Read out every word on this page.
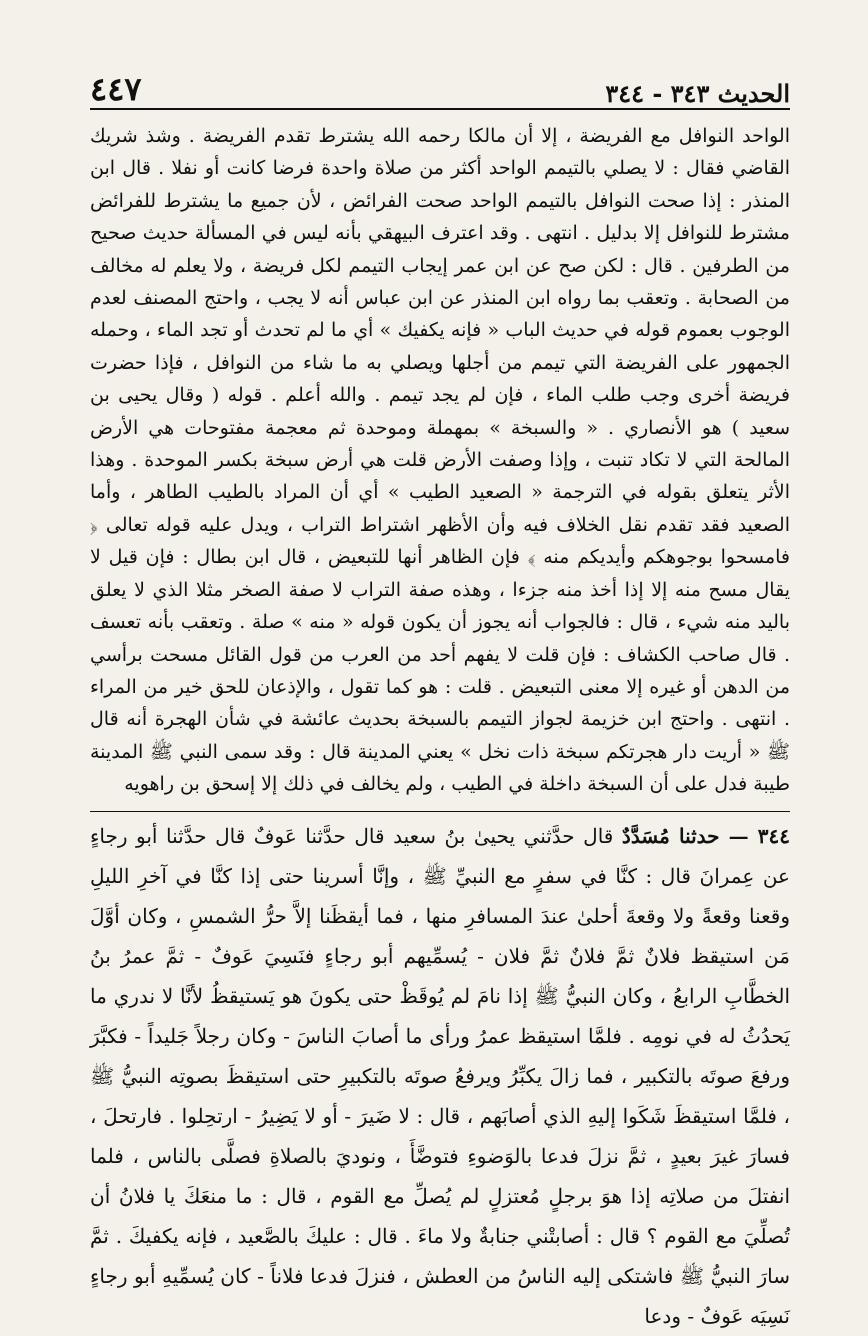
الحديث ٣٤٣ - ٣٤٤
٤٤٧

الواحد النوافل مع الفريضة ، إلا أن مالكا رحمه الله يشترط تقدم الفريضة . وشذ شريك القاضي فقال : لا يصلي بالتيمم الواحد أكثر من صلاة واحدة فرضا كانت أو نفلا . قال ابن المنذر : إذا صحت النوافل بالتيمم الواحد صحت الفرائض ، لأن جميع ما يشترط للفرائض مشترط للنوافل إلا بدليل . انتهى . وقد اعترف البيهقي بأنه ليس في المسألة حديث صحيح من الطرفين . قال : لكن صح عن ابن عمر إيجاب التيمم لكل فريضة ، ولا يعلم له مخالف من الصحابة . وتعقب بما رواه ابن المنذر عن ابن عباس أنه لا يجب ، واحتج المصنف لعدم الوجوب بعموم قوله في حديث الباب « فإنه يكفيك » أي ما لم تحدث أو تجد الماء ، وحمله الجمهور على الفريضة التي تيمم من أجلها ويصلي به ما شاء من النوافل ، فإذا حضرت فريضة أخرى وجب طلب الماء ، فإن لم يجد تيمم . والله أعلم . قوله ( وقال يحيى بن سعيد ) هو الأنصاري . « والسبخة » بمهملة وموحدة ثم معجمة مفتوحات هي الأرض المالحة التي لا تكاد تنبت ، وإذا وصفت الأرض قلت هي أرض سبخة بكسر الموحدة . وهذا الأثر يتعلق بقوله في الترجمة « الصعيد الطيب » أي أن المراد بالطيب الطاهر ، وأما الصعيد فقد تقدم نقل الخلاف فيه وأن الأظهر اشتراط التراب ، ويدل عليه قوله تعالى ﴿ فامسحوا بوجوهكم وأيديكم منه ﴾ فإن الظاهر أنها للتبعيض ، قال ابن بطال : فإن قيل لا يقال مسح منه إلا إذا أخذ منه جزءا ، وهذه صفة التراب لا صفة الصخر مثلا الذي لا يعلق باليد منه شيء ، قال : فالجواب أنه يجوز أن يكون قوله « منه » صلة . وتعقب بأنه تعسف . قال صاحب الكشاف : فإن قلت لا يفهم أحد من العرب من قول القائل مسحت برأسي من الدهن أو غيره إلا معنى التبعيض . قلت : هو كما تقول ، والإذعان للحق خير من المراء . انتهى . واحتج ابن خزيمة لجواز التيمم بالسبخة بحديث عائشة في شأن الهجرة أنه قال ﷺ « أريت دار هجرتكم سبخة ذات نخل » يعني المدينة قال : وقد سمى النبي ﷺ المدينة طيبة فدل على أن السبخة داخلة في الطيب ، ولم يخالف في ذلك إلا إسحق بن راهويه

٣٤٤ — حدثنا مُسَدَّدٌ قال حدَّثني يحيىٰ بنُ سعيد قال حدَّثنا عَوفٌ قال حدَّثنا أبو رجاءٍ عن عِمرانَ قال : كنَّا في سفرٍ مع النبيِّ ﷺ ، وإنَّا أسرينا حتى إذا كنَّا في آخرِ الليلِ وقعنا وقعةً ولا وقعةَ أحلىٰ عندَ المسافرِ منها ، فما أيقظَنا إلاَّ حرُّ الشمسِ ، وكان أوَّلَ مَن استيقظ فلانٌ ثمَّ فلانٌ ثمَّ فلان - يُسمِّيهم أبو رجاءٍ فنَسِيَ عَوفٌ - ثمَّ عمرُ بنُ الخطَّابِ الرابعُ ، وكان النبيُّ ﷺ إذا نامَ لم يُوقَظْ حتى يكونَ هو يَستيقظُ لأنَّا لا ندري ما يَحدُثُ له في نومِه . فلمَّا استيقظ عمرُ ورأى ما أصابَ الناسَ - وكان رجلاً جَليداً - فكبَّرَ ورفعَ صوتَه بالتكبير ، فما زالَ يكبِّرُ ويرفعُ صوتَه بالتكبيرِ حتى استيقظَ بصوتِه النبيُّ ﷺ ، فلمَّا استيقظَ شَكَوا إليهِ الذي أصابَهم ، قال : لا ضَيرَ - أو لا يَضِيرُ - ارتحِلوا . فارتحلَ ، فسارَ غيرَ بعيدٍ ، ثمَّ نزلَ فدعا بالوَضوءِ فتوضَّأَ ، ونوديَ بالصلاةِ فصلَّى بالناس ، فلما انفتلَ من صلاتِه إذا هوَ برجلٍ مُعتزلٍ لم يُصلِّ مع القوم ، قال : ما منعَكَ يا فلانُ أن تُصلِّيَ مع القوم ؟ قال : أصابتْني جنابةٌ ولا ماءَ . قال : عليكَ بالصَّعيد ، فإنه يكفيكَ . ثمَّ سارَ النبيُّ ﷺ فاشتكى إليه الناسُ من العطش ، فنزلَ فدعا فلاناً - كان يُسمِّيهِ أبو رجاءٍ نَسِيَه عَوفٌ - ودعا
